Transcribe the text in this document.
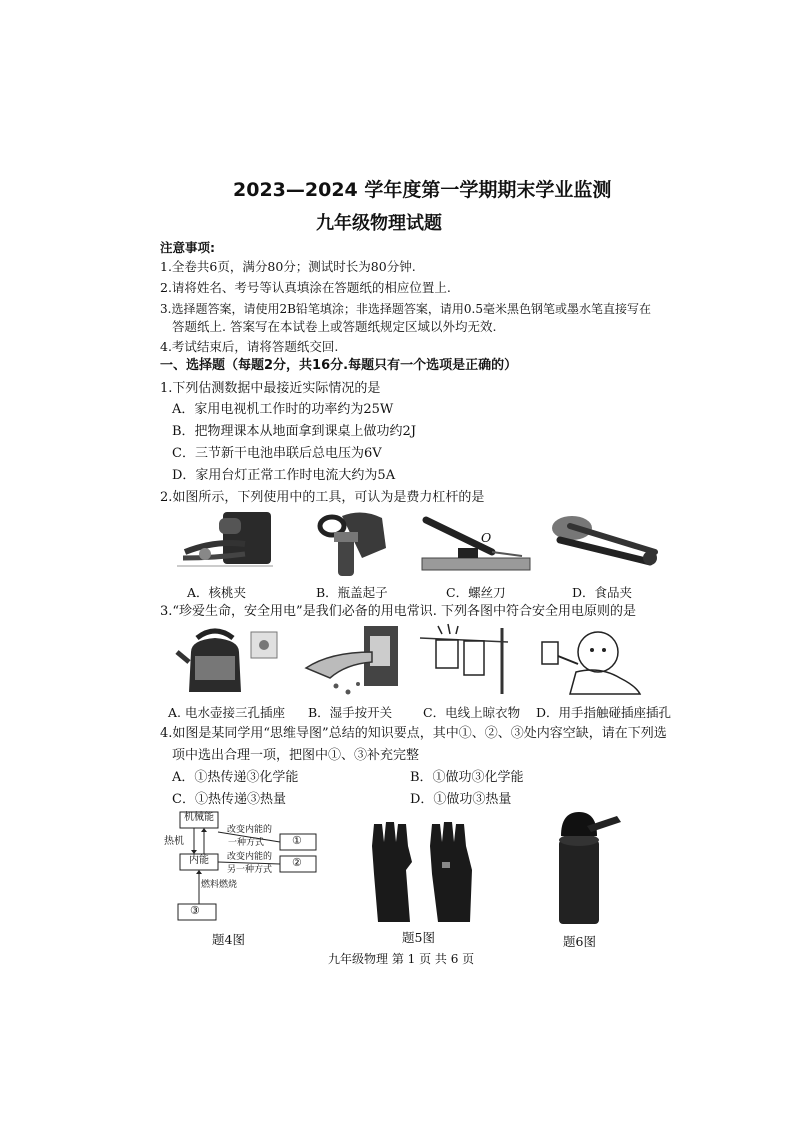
2023—2024 学年度第一学期期末学业监测
九年级物理试题
注意事项:
1.全卷共6页，满分80分；测试时长为80分钟.
2.请将姓名、考号等认真填涂在答题纸的相应位置上.
3.选择题答案，请使用2B铅笔填涂；非选择题答案，请用0.5毫米黑色钢笔或墨水笔直接写在
答题纸上. 答案写在本试卷上或答题纸规定区域以外均无效.
4.考试结束后，请将答题纸交回.
一、选择题（每题2分，共16分.每题只有一个选项是正确的）
1.下列估测数据中最接近实际情况的是
A．家用电视机工作时的功率约为25W
B．把物理课本从地面拿到课桌上做功约2J
C．三节新干电池串联后总电压为6V
D．家用台灯正常工作时电流大约为5A
2.如图所示，下列使用中的工具，可认为是费力杠杆的是
O
A．核桃夹	B．瓶盖起子	C．螺丝刀	D．食品夹
3.“珍爱生命，安全用电”是我们必备的用电常识. 下列各图中符合安全用电原则的是
A. 电水壶接三孔插座 B．湿手按开关 C．电线上晾衣物 D．用手指触碰插座插孔
4.如图是某同学用“思维导图”总结的知识要点，其中①、②、③处内容空缺，请在下列选
项中选出合理一项，把图中①、③补充完整
A．①热传递③化学能	B．①做功③化学能
C．①热传递③热量	D．①做功③热量
机械能
热机
内能
改变内能的
一种方式
改变内能的
另一种方式
①
②
燃料燃烧
③
题4图	题5图	题6图
九年级物理 第 1 页 共 6 页
